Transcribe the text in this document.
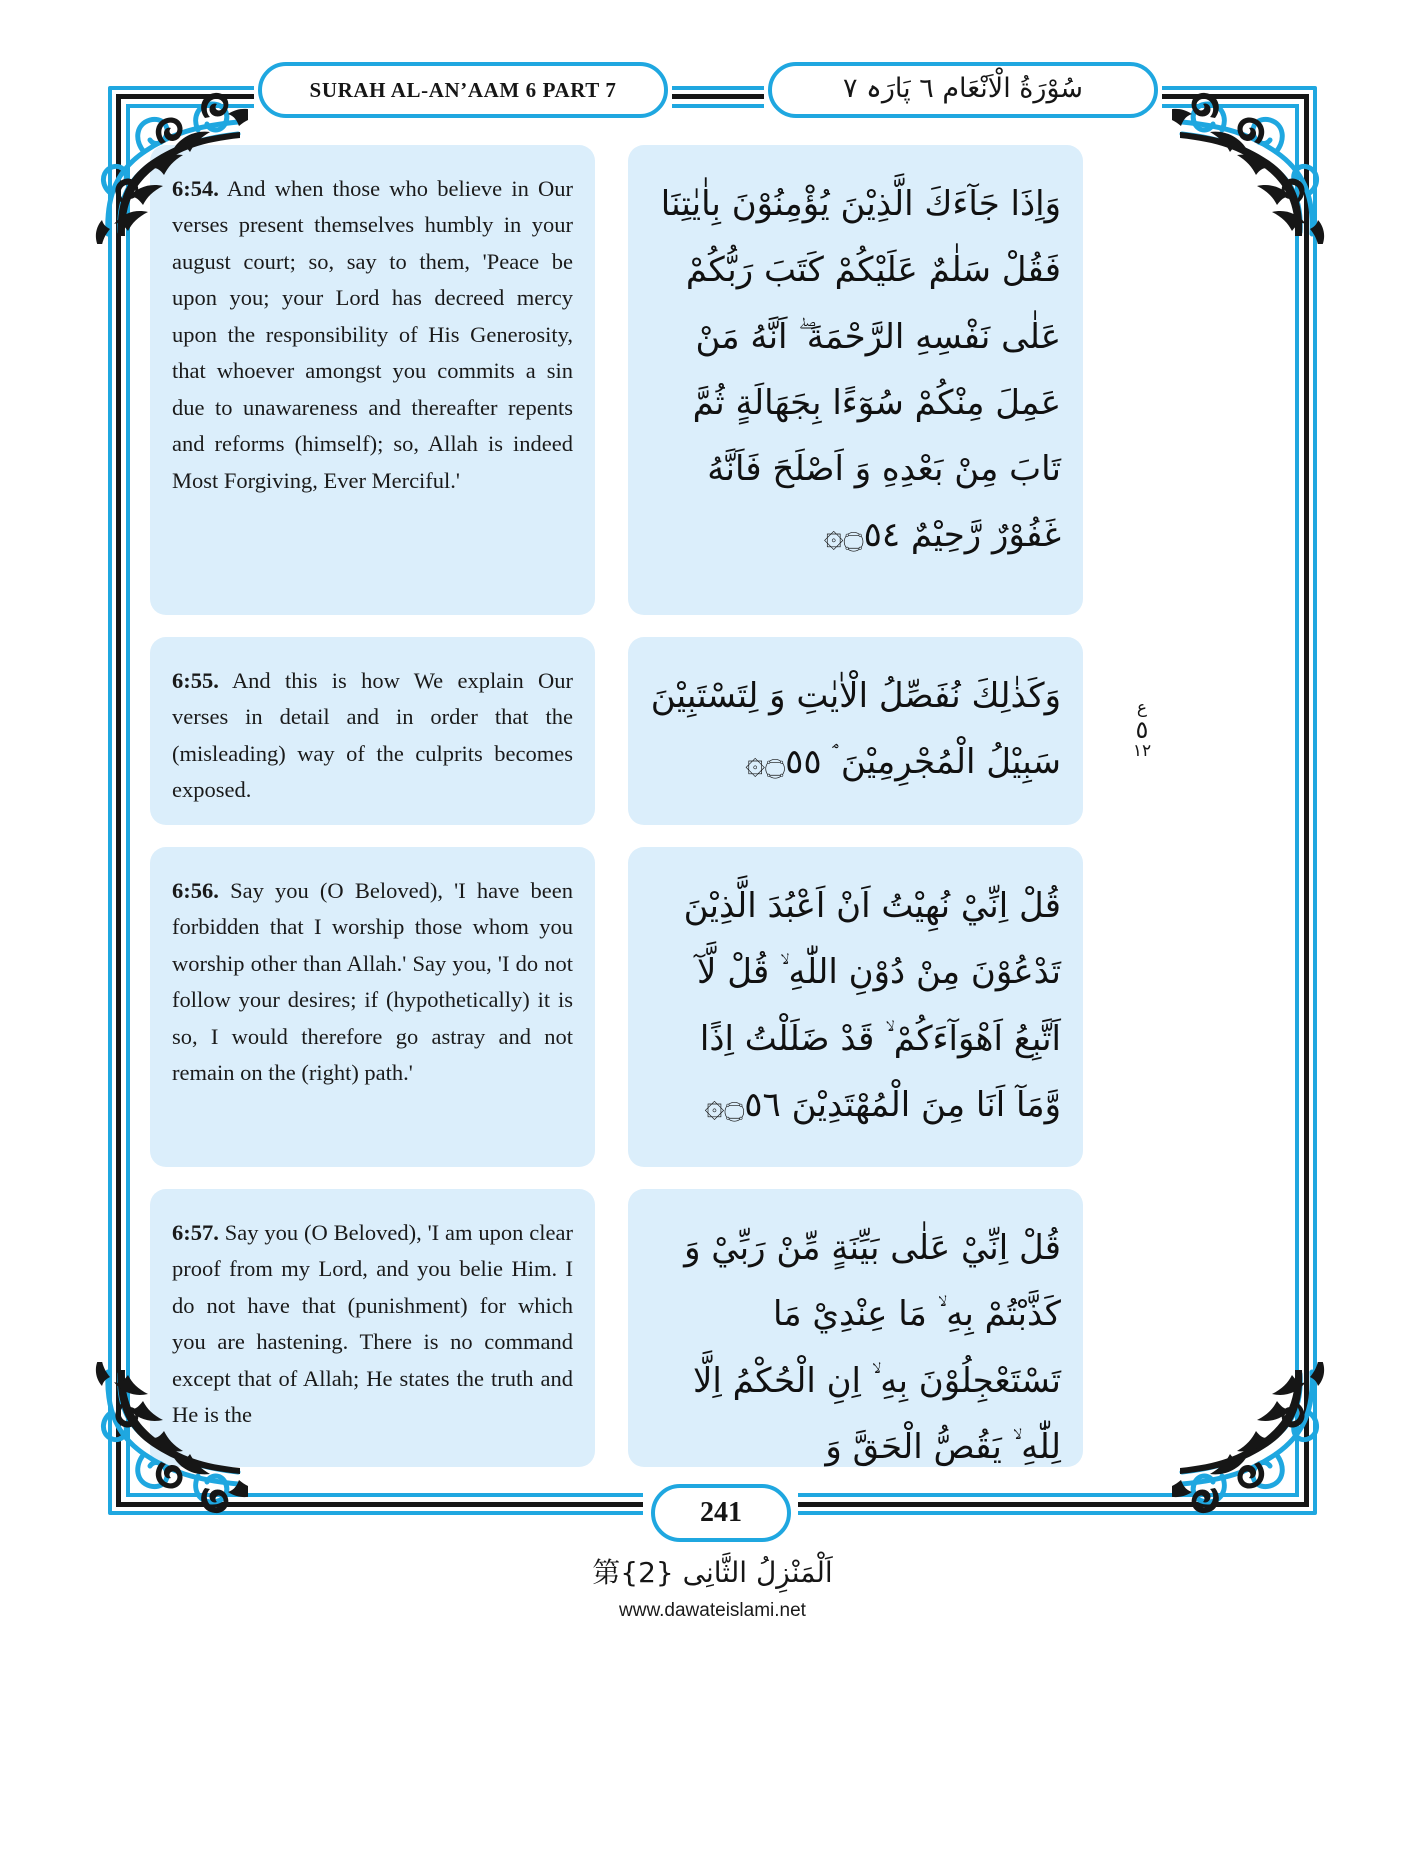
SURAH AL-AN’AAM 6 PART 7	سُوْرَةُ الْاَنْعَام ٦ پَارَہ ٧
6:54. And when those who believe in Our verses present themselves humbly in your august court; so, say to them, 'Peace be upon you; your Lord has decreed mercy upon the responsibility of His Generosity, that whoever amongst you commits a sin due to unawareness and thereafter repents and reforms (himself); so, Allah is indeed Most Forgiving, Ever Merciful.'
6:55. And this is how We explain Our verses in detail and in order that the (misleading) way of the culprits becomes exposed.
6:56. Say you (O Beloved), 'I have been forbidden that I worship those whom you worship other than Allah.' Say you, 'I do not follow your desires; if (hypothetically) it is so, I would therefore go astray and not remain on the (right) path.'
6:57. Say you (O Beloved), 'I am upon clear proof from my Lord, and you belie Him. I do not have that (punishment) for which you are hastening. There is no command except that of Allah; He states the truth and He is the
وَاِذَا جَآءَكَ الَّذِيْنَ يُؤْمِنُوْنَ بِاٰيٰتِنَا فَقُلْ سَلٰمٌ عَلَيْكُمْ كَتَبَ رَبُّكُمْ عَلٰى نَفْسِهِ الرَّحْمَةَ ۖ اَنَّهُ مَنْ عَمِلَ مِنْكُمْ سُوٓءًا بِجَهَالَةٍ ثُمَّ تَابَ مِنْ بَعْدِهِ وَ اَصْلَحَ فَاَنَّهُ غَفُوْرٌ رَّحِيْمٌ ۝٥٤۞
وَكَذٰلِكَ نُفَصِّلُ الْاٰيٰتِ وَ لِتَسْتَبِيْنَ سَبِيْلُ الْمُجْرِمِيْنَ ۘ ۝٥٥۞
قُلْ اِنِّيْ نُهِيْتُ اَنْ اَعْبُدَ الَّذِيْنَ تَدْعُوْنَ مِنْ دُوْنِ اللّٰهِ ۙ قُلْ لَّآ اَتَّبِعُ اَهْوَآءَكُمْ ۙ قَدْ ضَلَلْتُ اِذًا وَّمَآ اَنَا مِنَ الْمُهْتَدِيْنَ ۝٥٦۞
قُلْ اِنِّيْ عَلٰى بَيِّنَةٍ مِّنْ رَبِّيْ وَ كَذَّبْتُمْ بِهِ ۙ مَا عِنْدِيْ مَا تَسْتَعْجِلُوْنَ بِهِ ۙ اِنِ الْحُكْمُ اِلَّا لِلّٰهِ ۙ يَقُصُّ الْحَقَّ وَ
ع
٥
١٢
241
اَلْمَنْزِلُ الثَّانِی 第{2}
www.dawateislami.net
